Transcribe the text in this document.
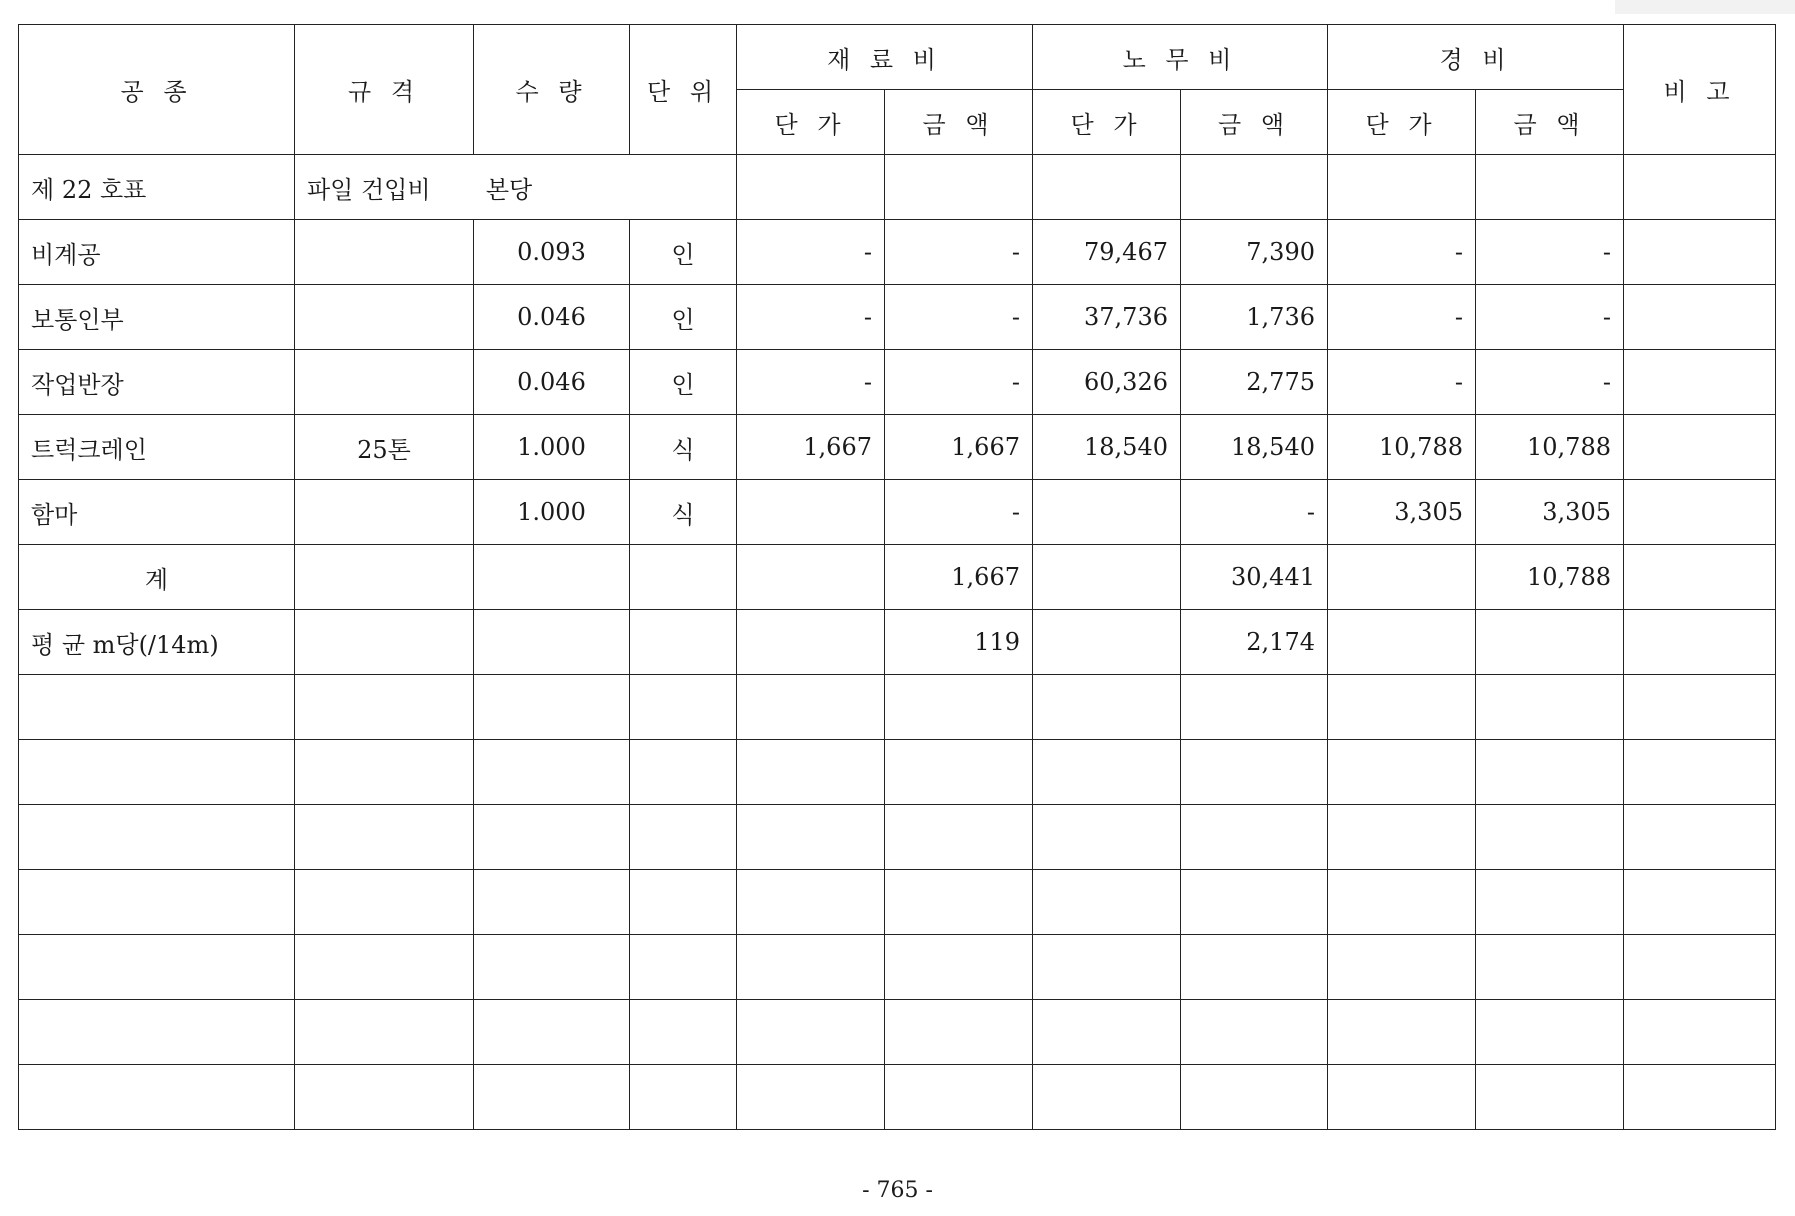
공 종	규 격	수 량	단 위	재 료 비		노 무 비		경 비		비 고
				단 가	금 액	단 가	금 액	단 가	금 액	
제 22 호표	파일 건입비 본당									
비계공		0.093	인	-	-	79,467	7,390	-	-	
보통인부		0.046	인	-	-	37,736	1,736	-	-	
작업반장		0.046	인	-	-	60,326	2,775	-	-	
트럭크레인	25톤	1.000	식	1,667	1,667	18,540	18,540	10,788	10,788	
함마		1.000	식		-		-	3,305	3,305	
계					1,667		30,441		10,788	
평 균 m당(/14m)					119		2,174			

- 765 -
